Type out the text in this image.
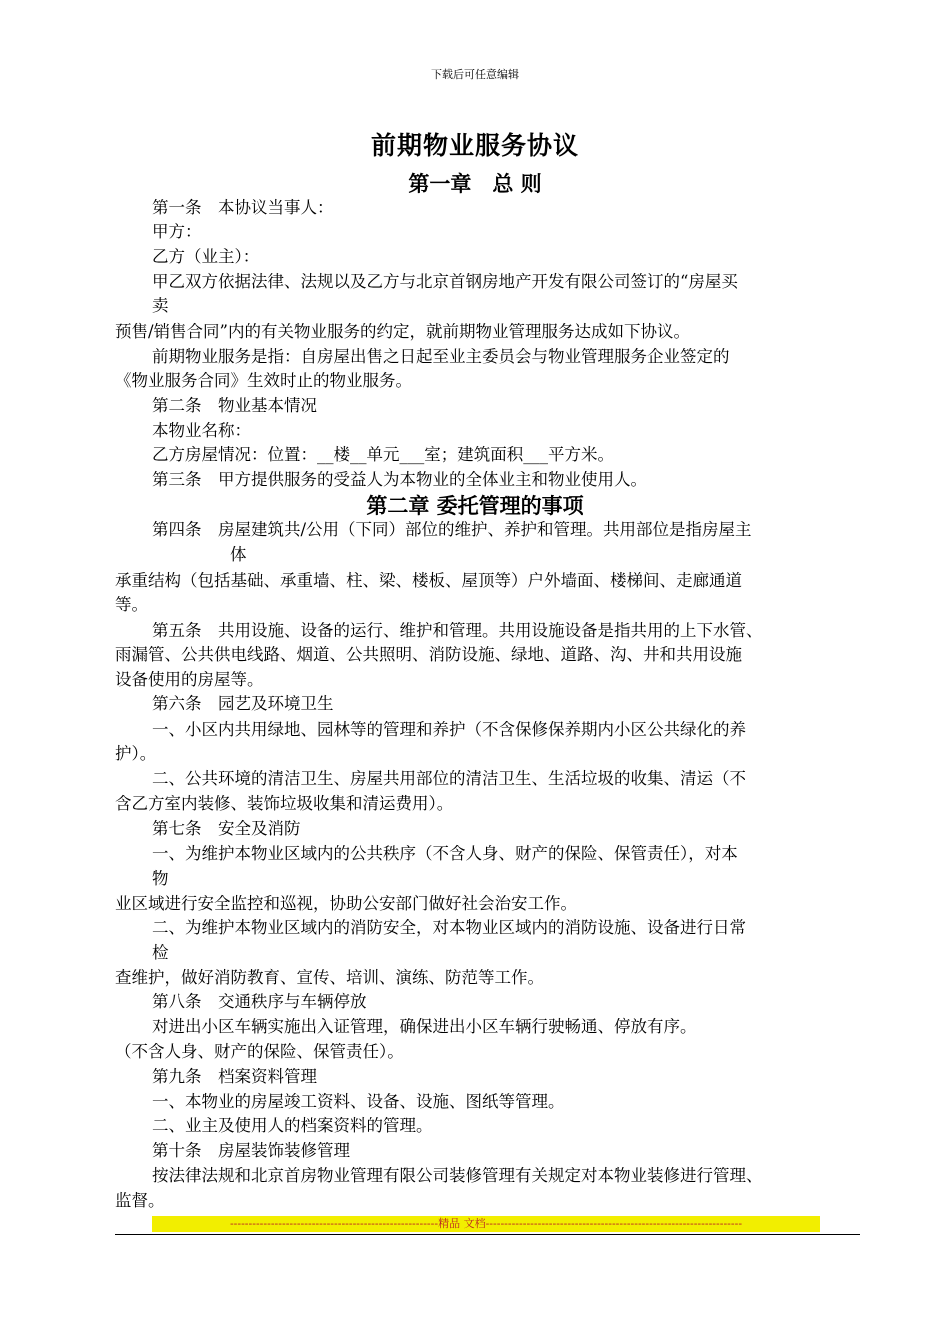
下载后可任意编辑
前期物业服务协议
第一章　总 则
第一条　本协议当事人：
甲方：
乙方（业主）：
甲乙双方依据法律、法规以及乙方与北京首钢房地产开发有限公司签订的“房屋买
卖
预售/销售合同”内的有关物业服务的约定，就前期物业管理服务达成如下协议。
前期物业服务是指：自房屋出售之日起至业主委员会与物业管理服务企业签定的
《物业服务合同》生效时止的物业服务。
第二条　物业基本情况
本物业名称：
乙方房屋情况：位置：__楼__单元___室；建筑面积___平方米。
第三条　甲方提供服务的受益人为本物业的全体业主和物业使用人。
第二章 委托管理的事项
第四条　房屋建筑共/公用（下同）部位的维护、养护和管理。共用部位是指房屋主
体
承重结构（包括基础、承重墙、柱、梁、楼板、屋顶等）户外墙面、楼梯间、走廊通道
等。
第五条　共用设施、设备的运行、维护和管理。共用设施设备是指共用的上下水管、
雨漏管、公共供电线路、烟道、公共照明、消防设施、绿地、道路、沟、井和共用设施
设备使用的房屋等。
第六条　园艺及环境卫生
一、小区内共用绿地、园林等的管理和养护（不含保修保养期内小区公共绿化的养
护）。
二、公共环境的清洁卫生、房屋共用部位的清洁卫生、生活垃圾的收集、清运（不
含乙方室内装修、装饰垃圾收集和清运费用）。
第七条　安全及消防
一、为维护本物业区域内的公共秩序（不含人身、财产的保险、保管责任），对本
物
业区域进行安全监控和巡视，协助公安部门做好社会治安工作。
二、为维护本物业区域内的消防安全，对本物业区域内的消防设施、设备进行日常
检
查维护，做好消防教育、宣传、培训、演练、防范等工作。
第八条　交通秩序与车辆停放
对进出小区车辆实施出入证管理，确保进出小区车辆行驶畅通、停放有序。
（不含人身、财产的保险、保管责任）。
第九条　档案资料管理
一、本物业的房屋竣工资料、设备、设施、图纸等管理。
二、业主及使用人的档案资料的管理。
第十条　房屋装饰装修管理
按法律法规和北京首房物业管理有限公司装修管理有关规定对本物业装修进行管理、
监督。
--------------------------------------------------------精品 文档---------------------------------------------------------------------
